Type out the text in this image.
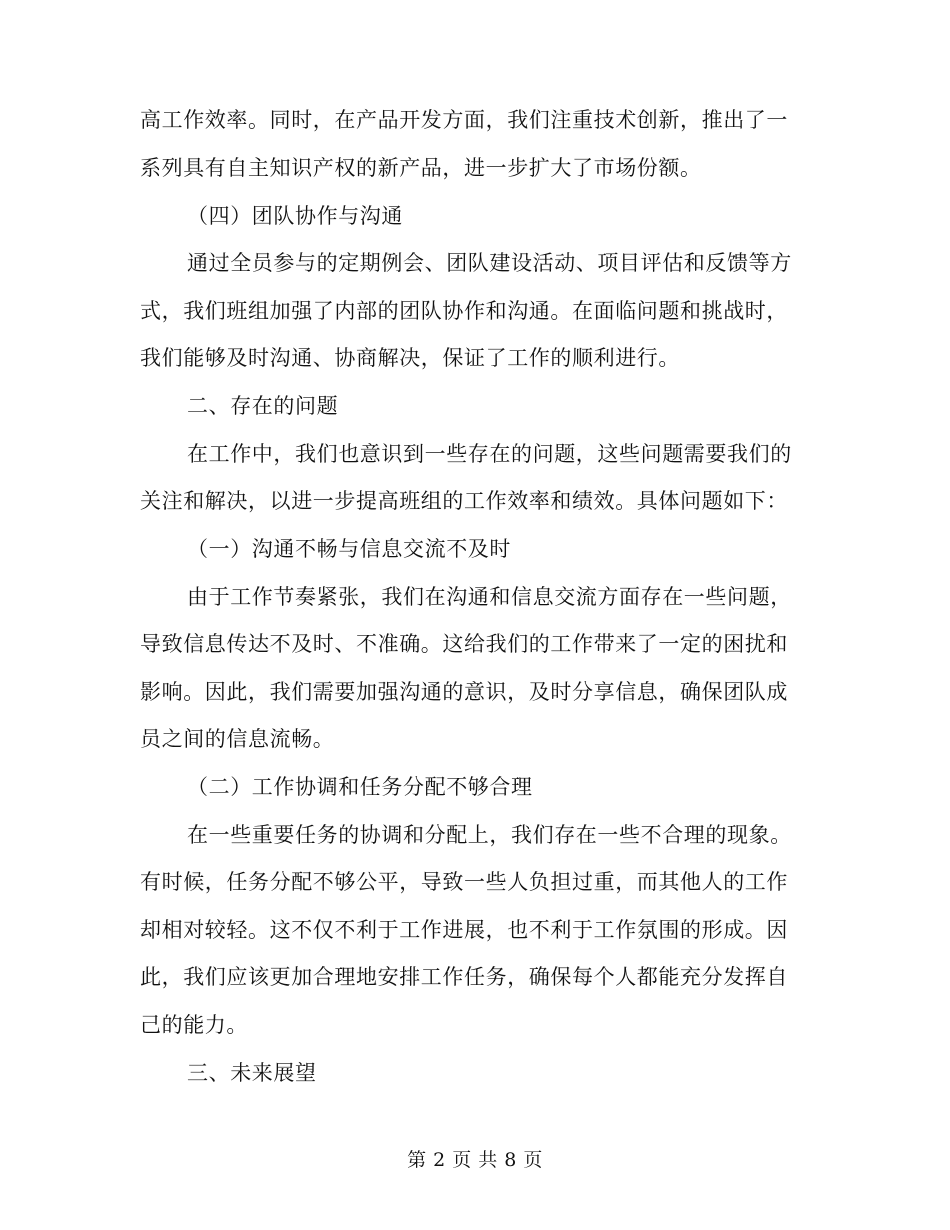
高工作效率。同时，在产品开发方面，我们注重技术创新，推出了一
系列具有自主知识产权的新产品，进一步扩大了市场份额。
（四）团队协作与沟通
通过全员参与的定期例会、团队建设活动、项目评估和反馈等方
式，我们班组加强了内部的团队协作和沟通。在面临问题和挑战时，
我们能够及时沟通、协商解决，保证了工作的顺利进行。
二、存在的问题
在工作中，我们也意识到一些存在的问题，这些问题需要我们的
关注和解决，以进一步提高班组的工作效率和绩效。具体问题如下：
（一）沟通不畅与信息交流不及时
由于工作节奏紧张，我们在沟通和信息交流方面存在一些问题，
导致信息传达不及时、不准确。这给我们的工作带来了一定的困扰和
影响。因此，我们需要加强沟通的意识，及时分享信息，确保团队成
员之间的信息流畅。
（二）工作协调和任务分配不够合理
在一些重要任务的协调和分配上，我们存在一些不合理的现象。
有时候，任务分配不够公平，导致一些人负担过重，而其他人的工作
却相对较轻。这不仅不利于工作进展，也不利于工作氛围的形成。因
此，我们应该更加合理地安排工作任务，确保每个人都能充分发挥自
己的能力。
三、未来展望
第 2 页 共 8 页
